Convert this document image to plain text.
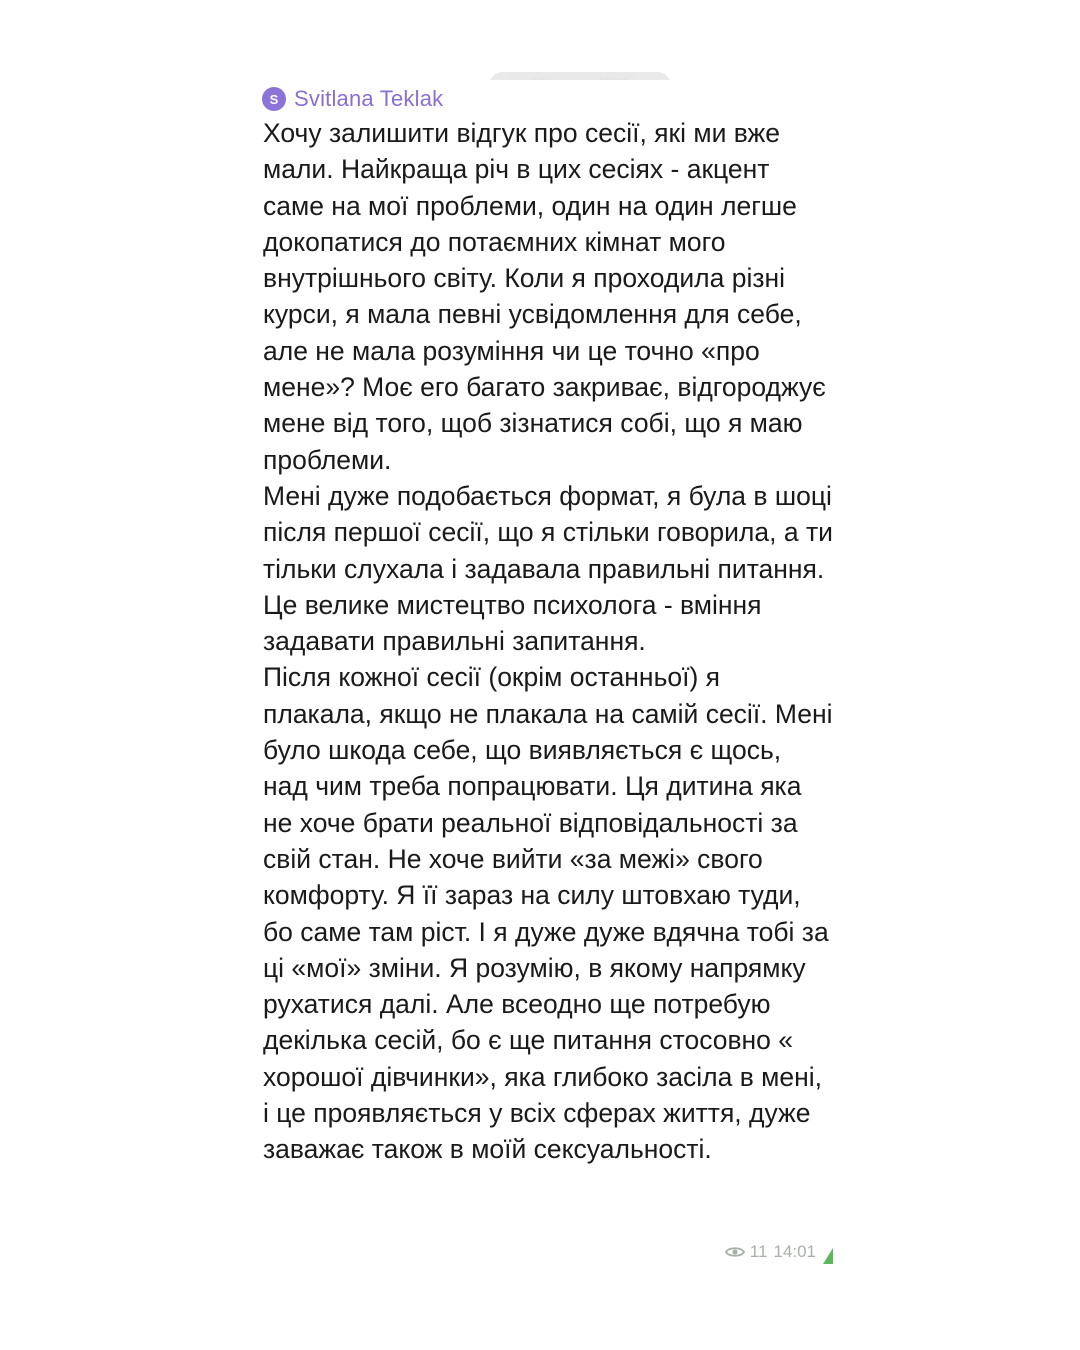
S Svitlana Teklak

Хочу залишити відгук про сесії, які ми вже мали. Найкраща річ в цих сесіях - акцент саме на мої проблеми, один на один легше докопатися до потаємних кімнат мого внутрішнього світу. Коли я проходила різні курси, я мала певні усвідомлення для себе, але не мала розуміння чи це точно «про мене»? Моє его багато закриває, відгороджує мене від того, щоб зізнатися собі, що я маю проблеми.

Мені дуже подобається формат, я була в шоці після першої сесії, що я стільки говорила, а ти тільки слухала і задавала правильні питання. Це велике мистецтво психолога - вміння задавати правильні запитання.

Після кожної сесії (окрім останньої) я плакала, якщо не плакала на самій сесії. Мені було шкода себе, що виявляється є щось, над чим треба попрацювати. Ця дитина яка не хоче брати реальної відповідальності за свій стан. Не хоче вийти «за межі» свого комфорту. Я її зараз на силу штовхаю туди, бо саме там ріст. І я дуже дуже вдячна тобі за ці «мої» зміни. Я розумію, в якому напрямку рухатися далі. Але всеодно ще потребую декілька сесій, бо є ще питання стосовно « хорошої дівчинки», яка глибоко засіла в мені, і це проявляється у всіх сферах життя, дуже заважає також в моїй сексуальності.

11 14:01
